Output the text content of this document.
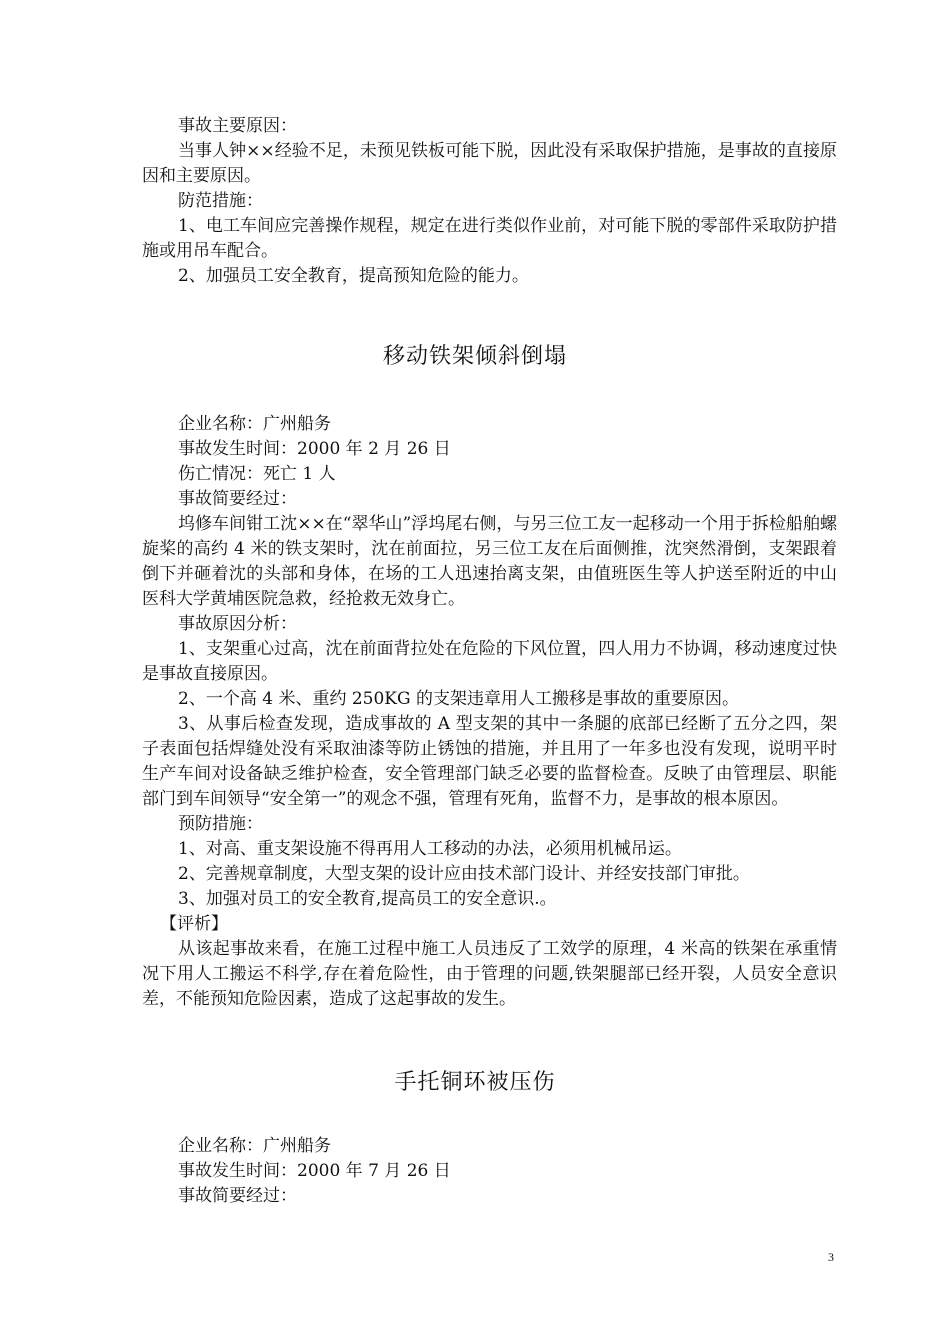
事故主要原因：

当事人钟××经验不足，未预见铁板可能下脱，因此没有采取保护措施，是事故的直接原因和主要原因。

防范措施：

1、电工车间应完善操作规程，规定在进行类似作业前，对可能下脱的零部件采取防护措施或用吊车配合。

2、加强员工安全教育，提高预知危险的能力。

移动铁架倾斜倒塌

企业名称：广州船务

事故发生时间：2000 年 2 月 26 日

伤亡情况：死亡 1 人

事故简要经过：

坞修车间钳工沈××在“翠华山”浮坞尾右侧，与另三位工友一起移动一个用于拆检船舶螺旋桨的高约 4 米的铁支架时，沈在前面拉，另三位工友在后面侧推，沈突然滑倒，支架跟着倒下并砸着沈的头部和身体，在场的工人迅速抬离支架，由值班医生等人护送至附近的中山医科大学黄埔医院急救，经抢救无效身亡。

事故原因分析：

1、支架重心过高，沈在前面背拉处在危险的下风位置，四人用力不协调，移动速度过快是事故直接原因。

2、一个高 4 米、重约 250KG 的支架违章用人工搬移是事故的重要原因。

3、从事后检查发现，造成事故的 A 型支架的其中一条腿的底部已经断了五分之四，架子表面包括焊缝处没有采取油漆等防止锈蚀的措施，并且用了一年多也没有发现，说明平时生产车间对设备缺乏维护检查，安全管理部门缺乏必要的监督检查。反映了由管理层、职能部门到车间领导“安全第一”的观念不强，管理有死角，监督不力，是事故的根本原因。

预防措施：

1、对高、重支架设施不得再用人工移动的办法，必须用机械吊运。

2、完善规章制度，大型支架的设计应由技术部门设计、并经安技部门审批。

3、加强对员工的安全教育,提高员工的安全意识.。

【评析】

从该起事故来看，在施工过程中施工人员违反了工效学的原理，4 米高的铁架在承重情况下用人工搬运不科学,存在着危险性，由于管理的问题,铁架腿部已经开裂，人员安全意识差，不能预知危险因素，造成了这起事故的发生。

手托铜环被压伤

企业名称：广州船务

事故发生时间：2000 年 7 月 26 日

事故简要经过：

3
